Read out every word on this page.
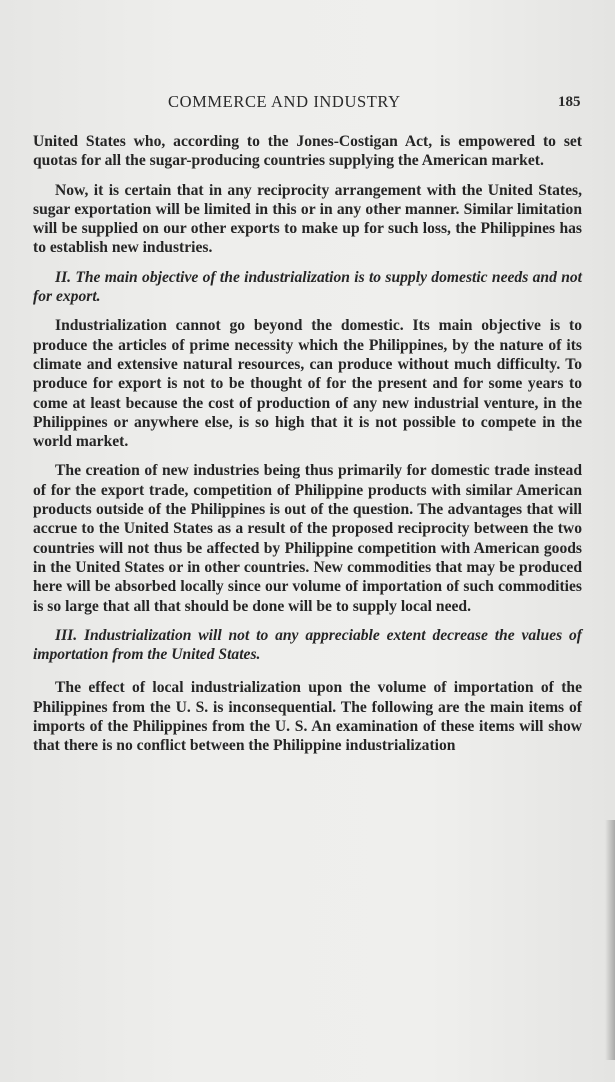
COMMERCE AND INDUSTRY	185

United States who, according to the Jones-Costigan Act, is empowered to set quotas for all the sugar-producing countries supplying the American market.

Now, it is certain that in any reciprocity arrangement with the United States, sugar exportation will be limited in this or in any other manner. Similar limitation will be supplied on our other exports to make up for such loss, the Philippines has to establish new industries.

II. The main objective of the industrialization is to supply domestic needs and not for export.

Industrialization cannot go beyond the domestic. Its main objective is to produce the articles of prime necessity which the Philippines, by the nature of its climate and extensive natural resources, can produce without much difficulty. To produce for export is not to be thought of for the present and for some years to come at least because the cost of production of any new industrial venture, in the Philippines or anywhere else, is so high that it is not possible to compete in the world market.

The creation of new industries being thus primarily for domestic trade instead of for the export trade, competition of Philippine products with similar American products outside of the Philippines is out of the question. The advantages that will accrue to the United States as a result of the proposed reciprocity between the two countries will not thus be affected by Philippine competition with American goods in the United States or in other countries. New commodities that may be produced here will be absorbed locally since our volume of importation of such commodities is so large that all that should be done will be to supply local need.

III. Industrialization will not to any appreciable extent decrease the values of importation from the United States.

The effect of local industrialization upon the volume of importation of the Philippines from the U. S. is inconsequential. The following are the main items of imports of the Philippines from the U. S. An examination of these items will show that there is no conflict between the Philippine industrialization
